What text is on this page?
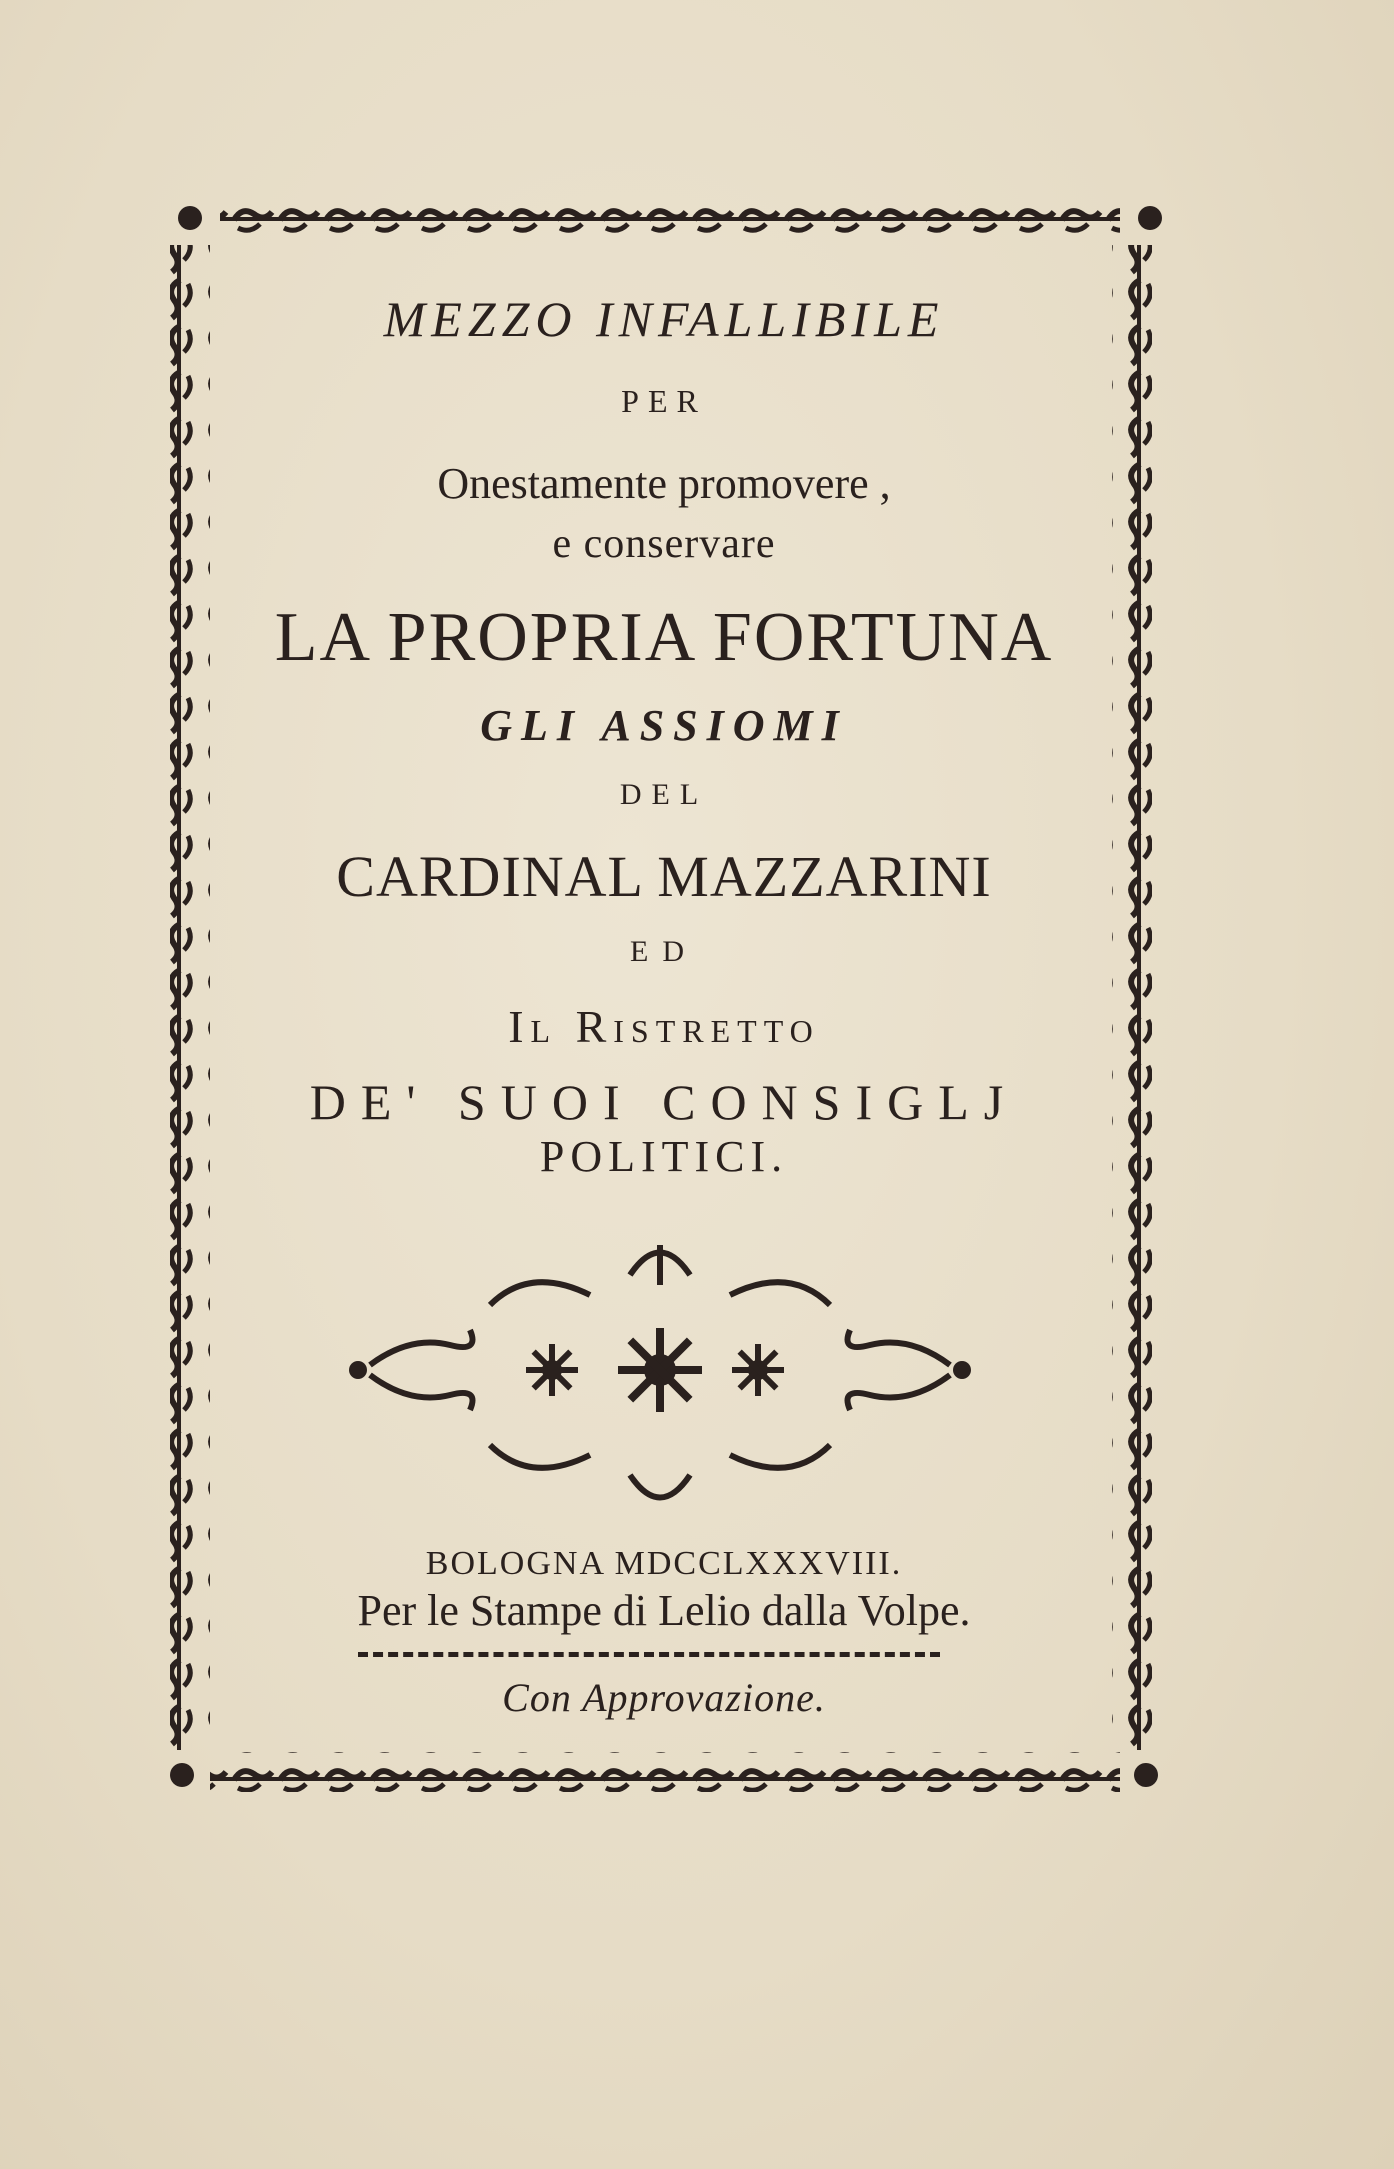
MEZZO INFALLIBILE
PER
Onestamente promovere ,
e conservare
LA PROPRIA FORTUNA
GLI ASSIOMI
DEL
CARDINAL MAZZARINI
ED
Il Ristretto
DE' SUOI CONSIGLJ
POLITICI.
BOLOGNA MDCCLXXXVIII.
Per le Stampe di Lelio dalla Volpe.
Con Approvazione.
